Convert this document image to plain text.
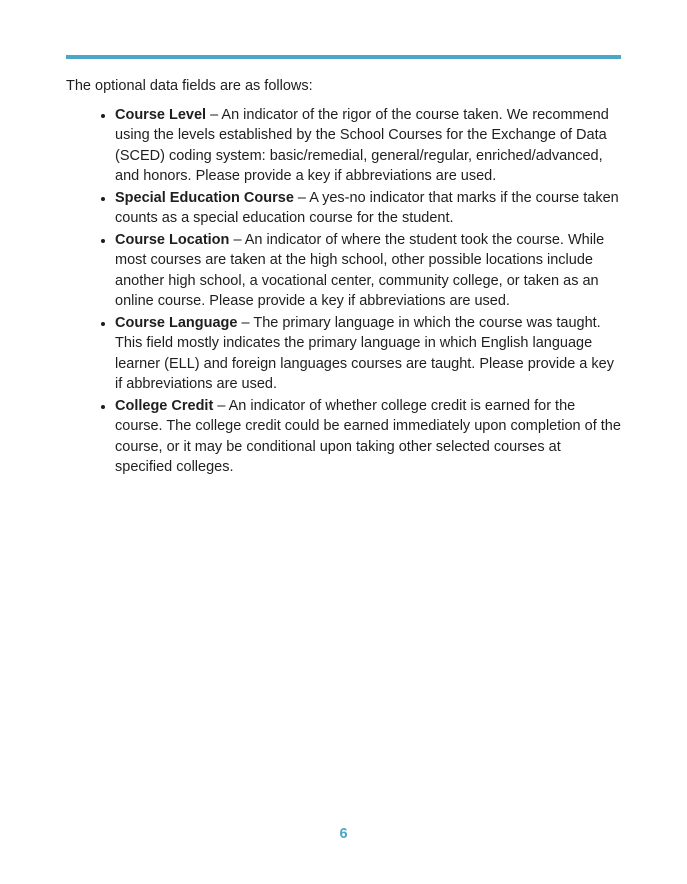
The optional data fields are as follows:

• Course Level – An indicator of the rigor of the course taken. We recommend using the levels established by the School Courses for the Exchange of Data (SCED) coding system: basic/remedial, general/regular, enriched/advanced, and honors. Please provide a key if abbreviations are used.
• Special Education Course – A yes-no indicator that marks if the course taken counts as a special education course for the student.
• Course Location – An indicator of where the student took the course. While most courses are taken at the high school, other possible locations include another high school, a vocational center, community college, or taken as an online course. Please provide a key if abbreviations are used.
• Course Language – The primary language in which the course was taught. This field mostly indicates the primary language in which English language learner (ELL) and foreign languages courses are taught. Please provide a key if abbreviations are used.
• College Credit – An indicator of whether college credit is earned for the course. The college credit could be earned immediately upon completion of the course, or it may be conditional upon taking other selected courses at specified colleges.
6
